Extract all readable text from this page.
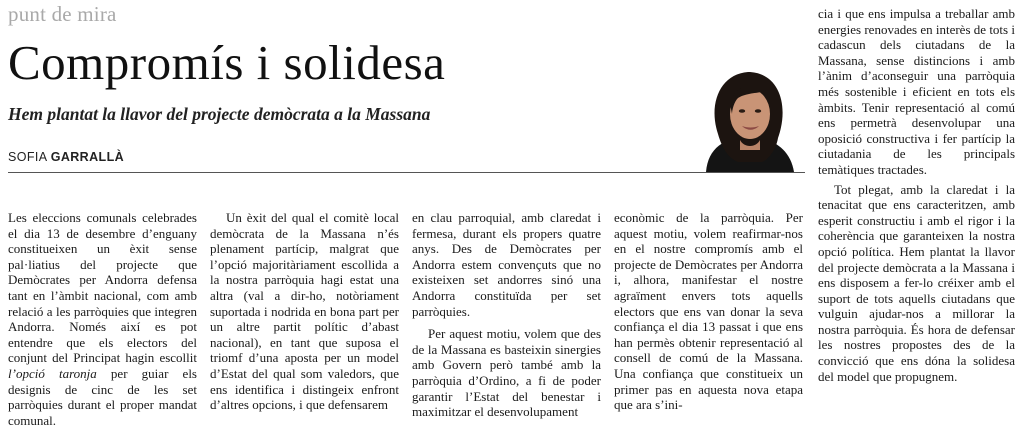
punt de mira
Compromís i solidesa
Hem plantat la llavor del projecte demòcrata a la Massana
SOFIA GARRALLÀ

Les eleccions comunals celebrades el dia 13 de desembre d’enguany constitueixen un èxit sense pal·liatius del projecte que Demòcrates per Andorra defensa tant en l’àmbit nacional, com amb relació a les parròquies que integren Andorra. Només així es pot entendre que els electors del conjunt del Principat hagin escollit l’opció taronja per guiar els designis de cinc de les set parròquies durant el proper mandat comunal.

Un èxit del qual el comitè local demòcrata de la Massana n’és plenament partícip, malgrat que l’opció majoritàriament escollida a la nostra parròquia hagi estat una altra (val a dir-ho, notòriament suportada i nodrida en bona part per un altre partit polític d’abast nacional), en tant que suposa el triomf d’una aposta per un model d’Estat del qual som valedors, que ens identifica i distingeix enfront d’altres opcions, i que defensarem

en clau parroquial, amb claredat i fermesa, durant els propers quatre anys. Des de Demòcrates per Andorra estem convençuts que no existeixen set andorres sinó una Andorra constituïda per set parròquies.

Per aquest motiu, volem que des de la Massana es basteixin sinergies amb Govern però també amb la parròquia d’Ordino, a fi de poder garantir l’Estat del benestar i maximitzar el desenvolupament

econòmic de la parròquia. Per aquest motiu, volem reafirmar-nos en el nostre compromís amb el projecte de Demòcrates per Andorra i, alhora, manifestar el nostre agraïment envers tots aquells electors que ens van donar la seva confiança el dia 13 passat i que ens han permès obtenir representació al consell de comú de la Massana. Una confiança que constitueix un primer pas en aquesta nova etapa que ara s’ini-

cia i que ens impulsa a treballar amb energies renovades en interès de tots i cadascun dels ciutadans de la Massana, sense distincions i amb l’ànim d’aconseguir una parròquia més sostenible i eficient en tots els àmbits. Tenir representació al comú ens permetrà desenvolupar una oposició constructiva i fer partícip la ciutadania de les principals temàtiques tractades.

Tot plegat, amb la claredat i la tenacitat que ens caracteritzen, amb esperit constructiu i amb el rigor i la coherència que garanteixen la nostra opció política. Hem plantat la llavor del projecte demòcrata a la Massana i ens disposem a fer-lo créixer amb el suport de tots aquells ciutadans que vulguin ajudar-nos a millorar la nostra parròquia. És hora de defensar les nostres propostes des de la convicció que ens dóna la solidesa del model que propugnem.
